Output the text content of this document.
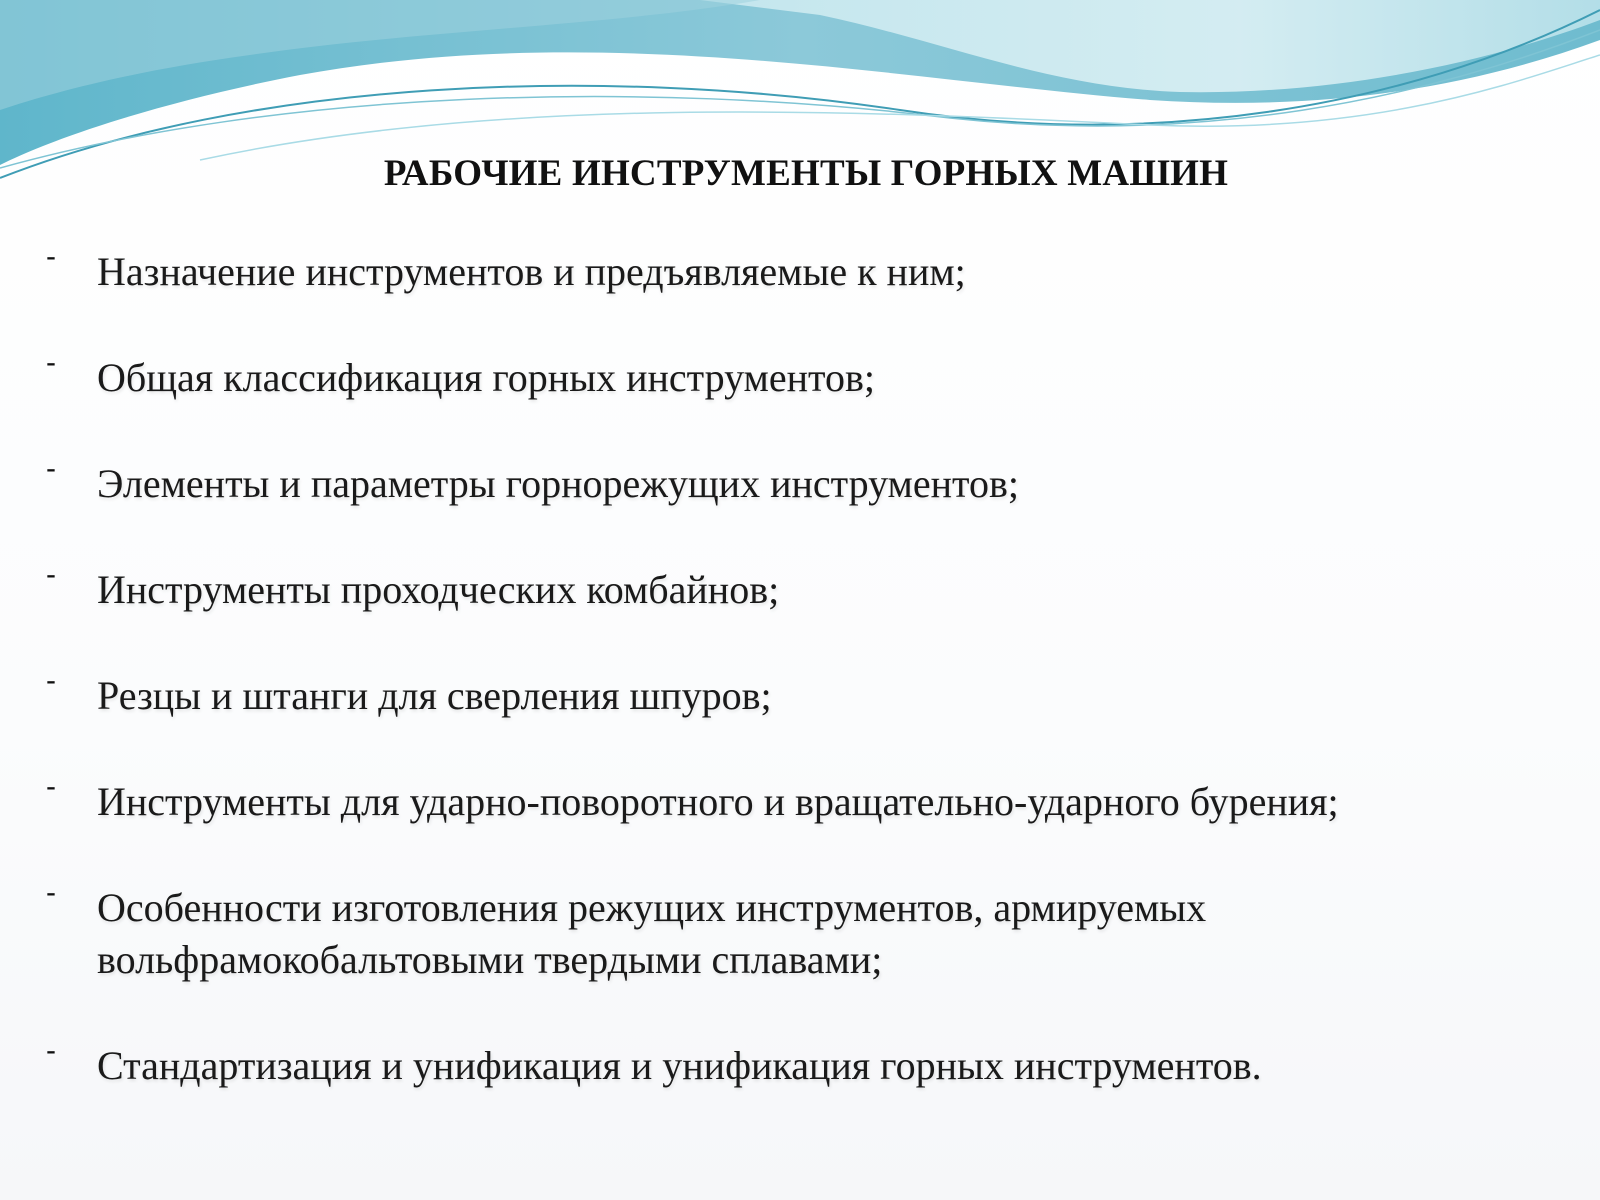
РАБОЧИЕ ИНСТРУМЕНТЫ ГОРНЫХ МАШИН
- Назначение инструментов и предъявляемые к ним;
- Общая классификация горных инструментов;
- Элементы и параметры горнорежущих инструментов;
- Инструменты проходческих комбайнов;
- Резцы и штанги для сверления шпуров;
- Инструменты для ударно-поворотного и вращательно-ударного бурения;
- Особенности изготовления режущих инструментов, армируемых вольфрамокобальтовыми твердыми сплавами;
- Стандартизация и унификация и унификация горных инструментов.
